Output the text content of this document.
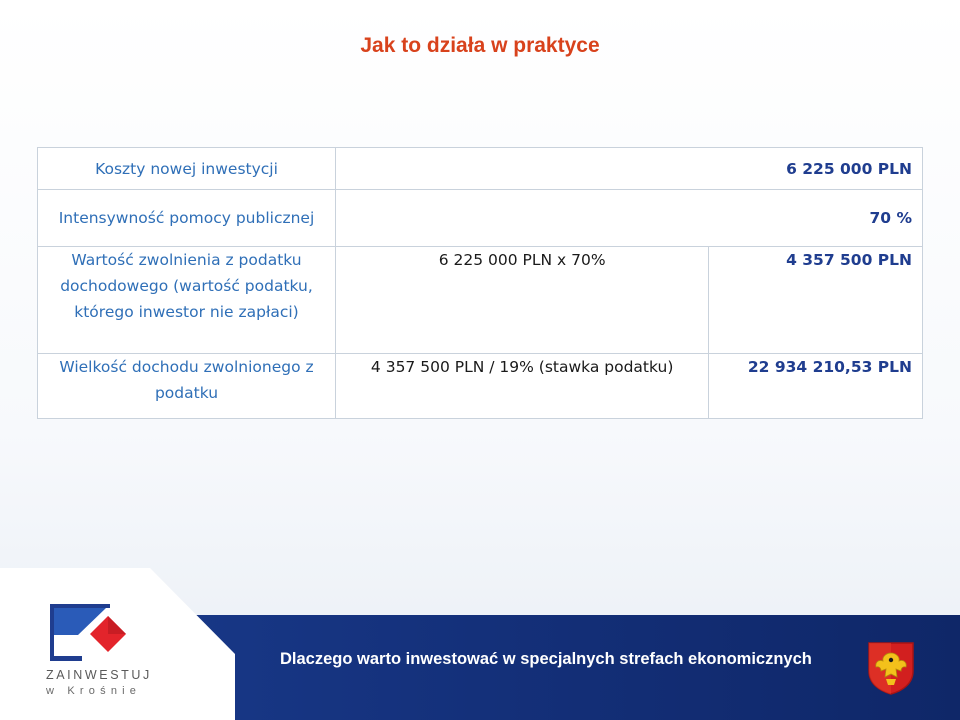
Jak to działa w praktyce
Koszty nowej inwestycji	6 225 000 PLN	
Intensywność pomocy publicznej	70 %	
Wartość zwolnienia z podatku dochodowego (wartość podatku, którego inwestor nie zapłaci)	6 225 000 PLN x 70%	4 357 500 PLN
Wielkość dochodu zwolnionego z podatku	4 357 500 PLN / 19% (stawka podatku)	22 934 210,53 PLN
Dlaczego warto inwestować w specjalnych strefach ekonomicznych
ZAINWESTUJ
w Krośnie
